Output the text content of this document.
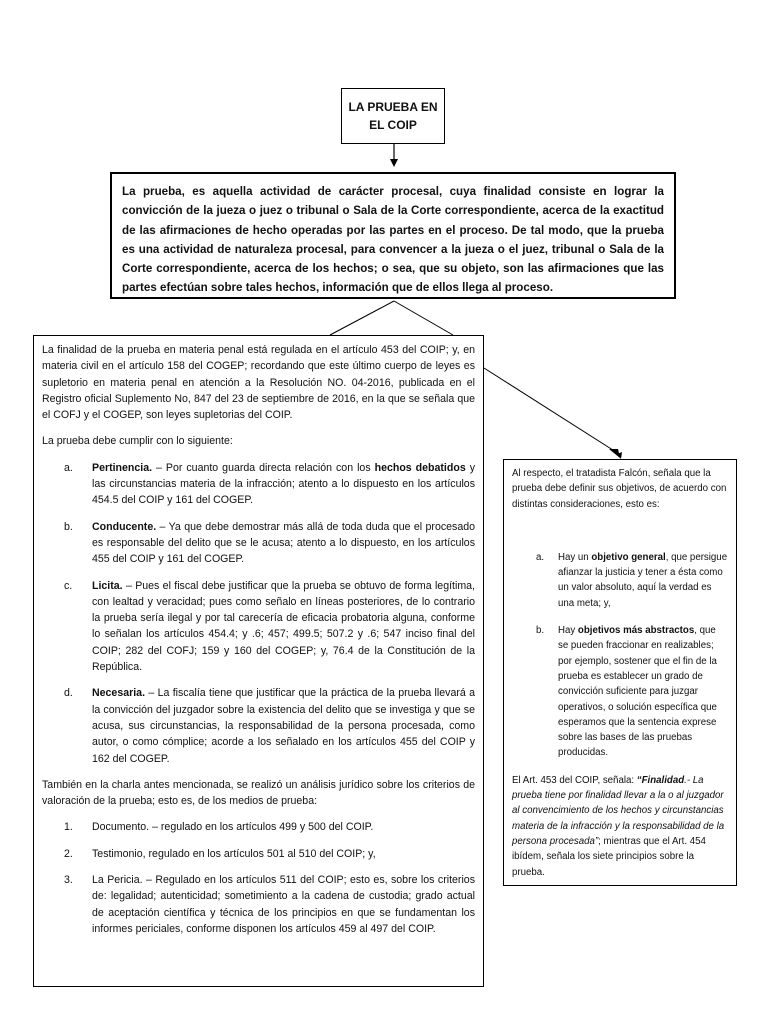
LA PRUEBA EN
EL COIP

La prueba, es aquella actividad de carácter procesal, cuya finalidad consiste en lograr la convicción de la jueza o juez o tribunal o Sala de la Corte correspondiente, acerca de la exactitud de las afirmaciones de hecho operadas por las partes en el proceso. De tal modo, que la prueba es una actividad de naturaleza procesal, para convencer a la jueza o el juez, tribunal o Sala de la Corte correspondiente, acerca de los hechos; o sea, que su objeto, son las afirmaciones que las partes efectúan sobre tales hechos, información que de ellos llega al proceso.

La finalidad de la prueba en materia penal está regulada en el artículo 453 del COIP; y, en materia civil en el artículo 158 del COGEP; recordando que este último cuerpo de leyes es supletorio en materia penal en atención a la Resolución NO. 04-2016, publicada en el Registro oficial Suplemento No, 847 del 23 de septiembre de 2016, en la que se señala que el COFJ y el COGEP, son leyes supletorias del COIP.

La prueba debe cumplir con lo siguiente:

a. Pertinencia. – Por cuanto guarda directa relación con los hechos debatidos y las circunstancias materia de la infracción; atento a lo dispuesto en los artículos 454.5 del COIP y 161 del COGEP.
b. Conducente. – Ya que debe demostrar más allá de toda duda que el procesado es responsable del delito que se le acusa; atento a lo dispuesto, en los artículos 455 del COIP y 161 del COGEP.
c. Licita. – Pues el fiscal debe justificar que la prueba se obtuvo de forma legítima, con lealtad y veracidad; pues como señalo en líneas posteriores, de lo contrario la prueba sería ilegal y por tal carecería de eficacia probatoria alguna, conforme lo señalan los artículos 454.4; y .6; 457; 499.5; 507.2 y .6; 547 inciso final del COIP; 282 del COFJ; 159 y 160 del COGEP; y, 76.4 de la Constitución de la República.
d. Necesaria. – La fiscalía tiene que justificar que la práctica de la prueba llevará a la convicción del juzgador sobre la existencia del delito que se investiga y que se acusa, sus circunstancias, la responsabilidad de la persona procesada, como autor, o como cómplice; acorde a los señalado en los artículos 455 del COIP y 162 del COGEP.

También en la charla antes mencionada, se realizó un análisis jurídico sobre los criterios de valoración de la prueba; esto es, de los medios de prueba:

1. Documento. – regulado en los artículos 499 y 500 del COIP.
2. Testimonio, regulado en los artículos 501 al 510 del COIP; y,
3. La Pericia. – Regulado en los artículos 511 del COIP; esto es, sobre los criterios de: legalidad; autenticidad; sometimiento a la cadena de custodia; grado actual de aceptación científica y técnica de los principios en que se fundamentan los informes periciales, conforme disponen los artículos 459 al 497 del COIP.

Al respecto, el tratadista Falcón, señala que la prueba debe definir sus objetivos, de acuerdo con distintas consideraciones, esto es:

a. Hay un objetivo general, que persigue afianzar la justicia y tener a ésta como un valor absoluto, aquí la verdad es una meta; y,
b. Hay objetivos más abstractos, que se pueden fraccionar en realizables; por ejemplo, sostener que el fin de la prueba es establecer un grado de convicción suficiente para juzgar operativos, o solución específica que esperamos que la sentencia exprese sobre las bases de las pruebas producidas.

El Art. 453 del COIP, señala: “Finalidad.- La prueba tiene por finalidad llevar a la o al juzgador al convencimiento de los hechos y circunstancias materia de la infracción y la responsabilidad de la persona procesada”; mientras que el Art. 454 ibídem, señala los siete principios sobre la prueba.
